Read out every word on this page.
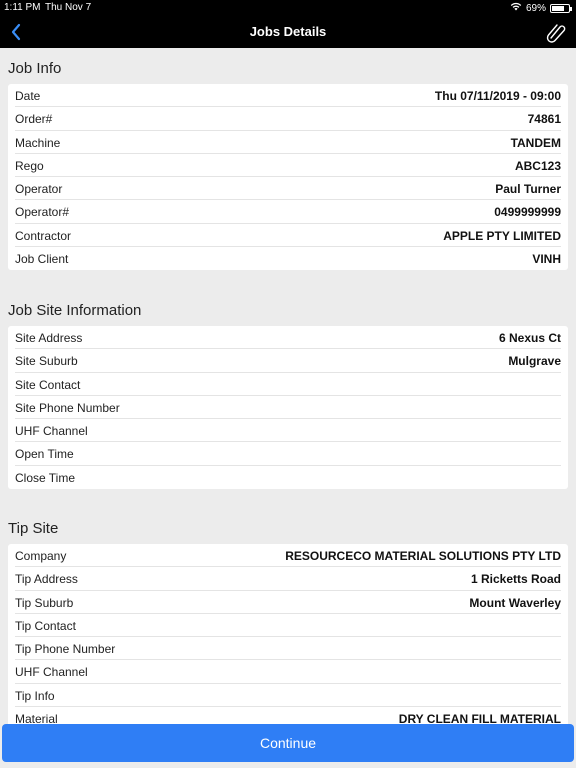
1:11 PM Thu Nov 7	69%
Jobs Details
Job Info
Date	Thu 07/11/2019 - 09:00
Order#	74861
Machine	TANDEM
Rego	ABC123
Operator	Paul Turner
Operator#	0499999999
Contractor	APPLE PTY LIMITED
Job Client	VINH
Job Site Information
Site Address	6 Nexus Ct
Site Suburb	Mulgrave
Site Contact
Site Phone Number
UHF Channel
Open Time
Close Time
Tip Site
Company	RESOURCECO MATERIAL SOLUTIONS PTY LTD
Tip Address	1 Ricketts Road
Tip Suburb	Mount Waverley
Tip Contact
Tip Phone Number
UHF Channel
Tip Info
Material	DRY CLEAN FILL MATERIAL
Continue
